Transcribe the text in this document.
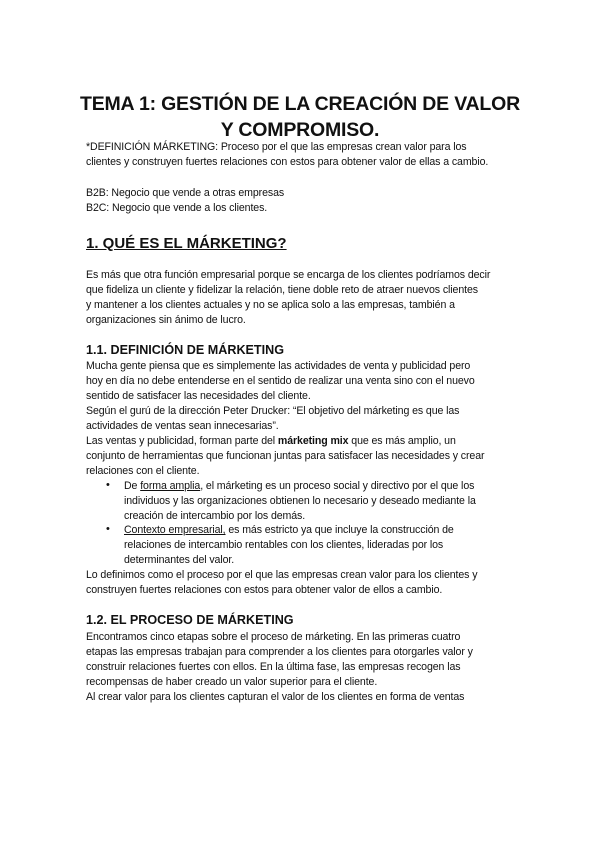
TEMA 1: GESTIÓN DE LA CREACIÓN DE VALOR
Y COMPROMISO.
*DEFINICIÓN MÁRKETING: Proceso por el que las empresas crean valor para los
clientes y construyen fuertes relaciones con estos para obtener valor de ellas a cambio.
B2B: Negocio que vende a otras empresas
B2C: Negocio que vende a los clientes.
1. QUÉ ES EL MÁRKETING?
Es más que otra función empresarial porque se encarga de los clientes podríamos decir
que fideliza un cliente y fidelizar la relación, tiene doble reto de atraer nuevos clientes
y mantener a los clientes actuales y no se aplica solo a las empresas, también a
organizaciones sin ánimo de lucro.
1.1. DEFINICIÓN DE MÁRKETING
Mucha gente piensa que es simplemente las actividades de venta y publicidad pero
hoy en día no debe entenderse en el sentido de realizar una venta sino con el nuevo
sentido de satisfacer las necesidades del cliente.
Según el gurú de la dirección Peter Drucker: “El objetivo del márketing es que las
actividades de ventas sean innecesarias”.
Las ventas y publicidad, forman parte del márketing mix que es más amplio, un
conjunto de herramientas que funcionan juntas para satisfacer las necesidades y crear
relaciones con el cliente.
• De forma amplia, el márketing es un proceso social y directivo por el que los
individuos y las organizaciones obtienen lo necesario y deseado mediante la
creación de intercambio por los demás.
• Contexto empresarial, es más estricto ya que incluye la construcción de
relaciones de intercambio rentables con los clientes, lideradas por los
determinantes del valor.
Lo definimos como el proceso por el que las empresas crean valor para los clientes y
construyen fuertes relaciones con estos para obtener valor de ellos a cambio.
1.2. EL PROCESO DE MÁRKETING
Encontramos cinco etapas sobre el proceso de márketing. En las primeras cuatro
etapas las empresas trabajan para comprender a los clientes para otorgarles valor y
construir relaciones fuertes con ellos. En la última fase, las empresas recogen las
recompensas de haber creado un valor superior para el cliente.
Al crear valor para los clientes capturan el valor de los clientes en forma de ventas
